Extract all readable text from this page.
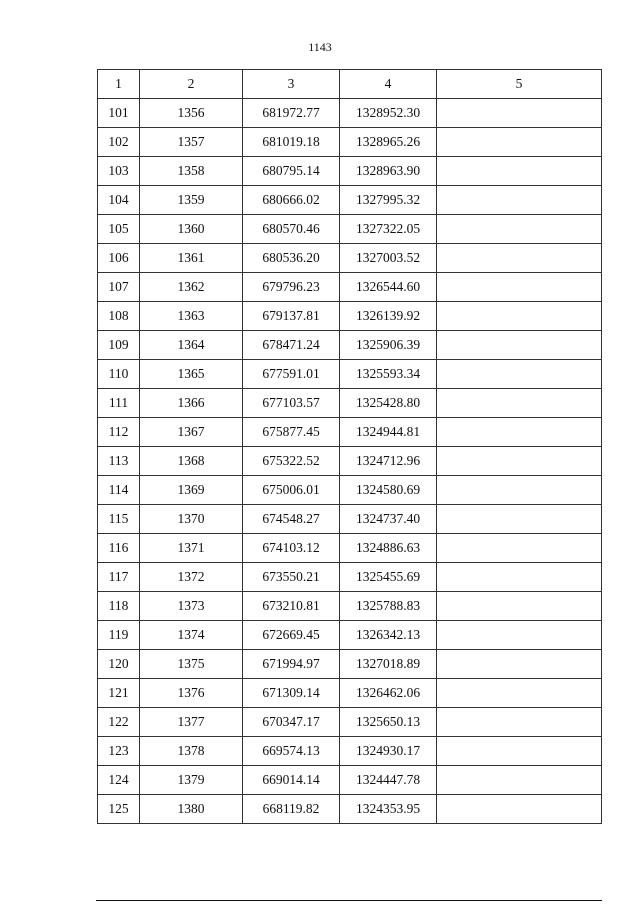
1143
1	2	3	4	5
101	1356	681972.77	1328952.30	
102	1357	681019.18	1328965.26	
103	1358	680795.14	1328963.90	
104	1359	680666.02	1327995.32	
105	1360	680570.46	1327322.05	
106	1361	680536.20	1327003.52	
107	1362	679796.23	1326544.60	
108	1363	679137.81	1326139.92	
109	1364	678471.24	1325906.39	
110	1365	677591.01	1325593.34	
111	1366	677103.57	1325428.80	
112	1367	675877.45	1324944.81	
113	1368	675322.52	1324712.96	
114	1369	675006.01	1324580.69	
115	1370	674548.27	1324737.40	
116	1371	674103.12	1324886.63	
117	1372	673550.21	1325455.69	
118	1373	673210.81	1325788.83	
119	1374	672669.45	1326342.13	
120	1375	671994.97	1327018.89	
121	1376	671309.14	1326462.06	
122	1377	670347.17	1325650.13	
123	1378	669574.13	1324930.17	
124	1379	669014.14	1324447.78	
125	1380	668119.82	1324353.95	
